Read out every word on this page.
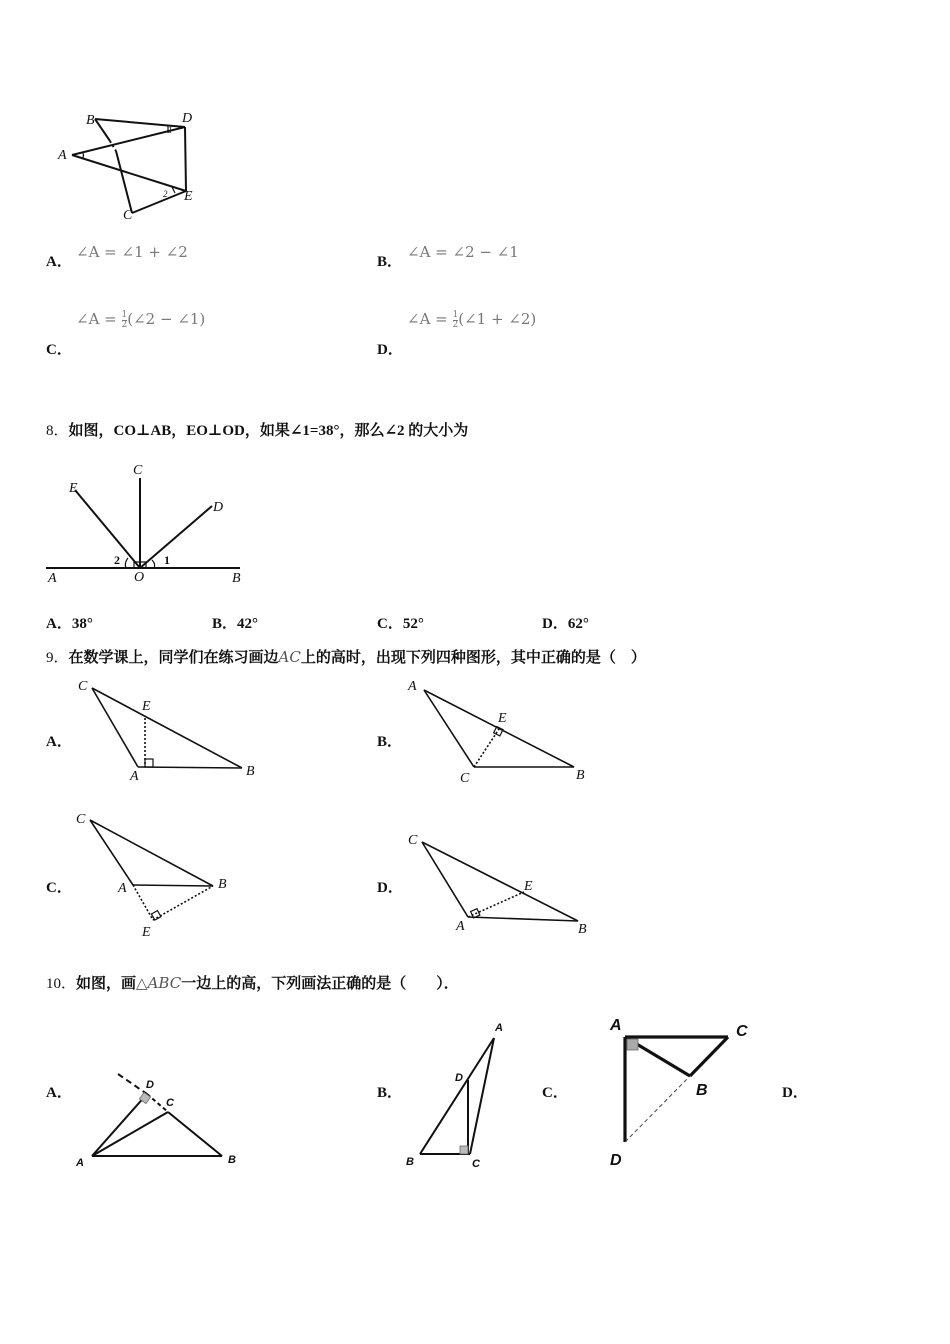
B	D
A
C
E
1
2
A．
∠A = ∠1 + ∠2
B．
∠A = ∠2 − ∠1
C．
∠A = $\frac{1}{2}$ (∠2 − ∠1)
D．
∠A = $\frac{1}{2}$ (∠1 + ∠2)
8．如图，CO⊥AB，EO⊥OD，如果∠1=38°，那么∠2 的大小为
C
E
D
A	O	B
2	1
A．38°	B．42°	C．52°	D．62°
9．在数学课上，同学们在练习画边AC上的高时，出现下列四种图形，其中正确的是（　）
A．
C
E
A	B
B．
A
E
C	B
C．
C
A	B
E
D．
C
E
A	B
10．如图，画△ABC一边上的高，下列画法正确的是（　　）．
A．	D
C
A	B
B．
A
D
B	C
C．
A	C
B
D
D．
